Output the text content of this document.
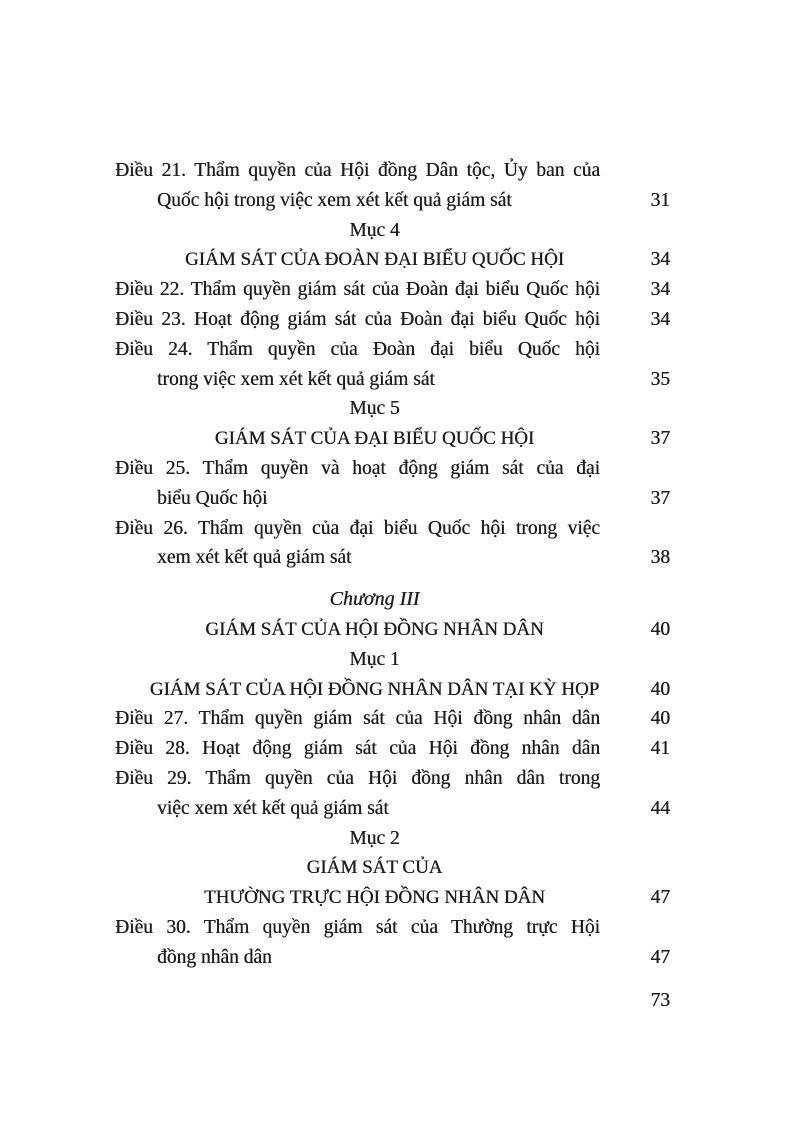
Điều 21. Thẩm quyền của Hội đồng Dân tộc, Ủy ban của
Quốc hội trong việc xem xét kết quả giám sát	31
Mục 4
GIÁM SÁT CỦA ĐOÀN ĐẠI BIỂU QUỐC HỘI	34
Điều 22. Thẩm quyền giám sát của Đoàn đại biểu Quốc hội	34
Điều 23. Hoạt động giám sát của Đoàn đại biểu Quốc hội	34
Điều 24. Thẩm quyền của Đoàn đại biểu Quốc hội
trong việc xem xét kết quả giám sát	35
Mục 5
GIÁM SÁT CỦA ĐẠI BIỂU QUỐC HỘI	37
Điều 25. Thẩm quyền và hoạt động giám sát của đại
biểu Quốc hội	37
Điều 26. Thẩm quyền của đại biểu Quốc hội trong việc
xem xét kết quả giám sát	38
Chương III
GIÁM SÁT CỦA HỘI ĐỒNG NHÂN DÂN	40
Mục 1
GIÁM SÁT CỦA HỘI ĐỒNG NHÂN DÂN TẠI KỲ HỌP	40
Điều 27. Thẩm quyền giám sát của Hội đồng nhân dân	40
Điều 28. Hoạt động giám sát của Hội đồng nhân dân	41
Điều 29. Thẩm quyền của Hội đồng nhân dân trong
việc xem xét kết quả giám sát	44
Mục 2
GIÁM SÁT CỦA
THƯỜNG TRỰC HỘI ĐỒNG NHÂN DÂN	47
Điều 30. Thẩm quyền giám sát của Thường trực Hội
đồng nhân dân	47
73
